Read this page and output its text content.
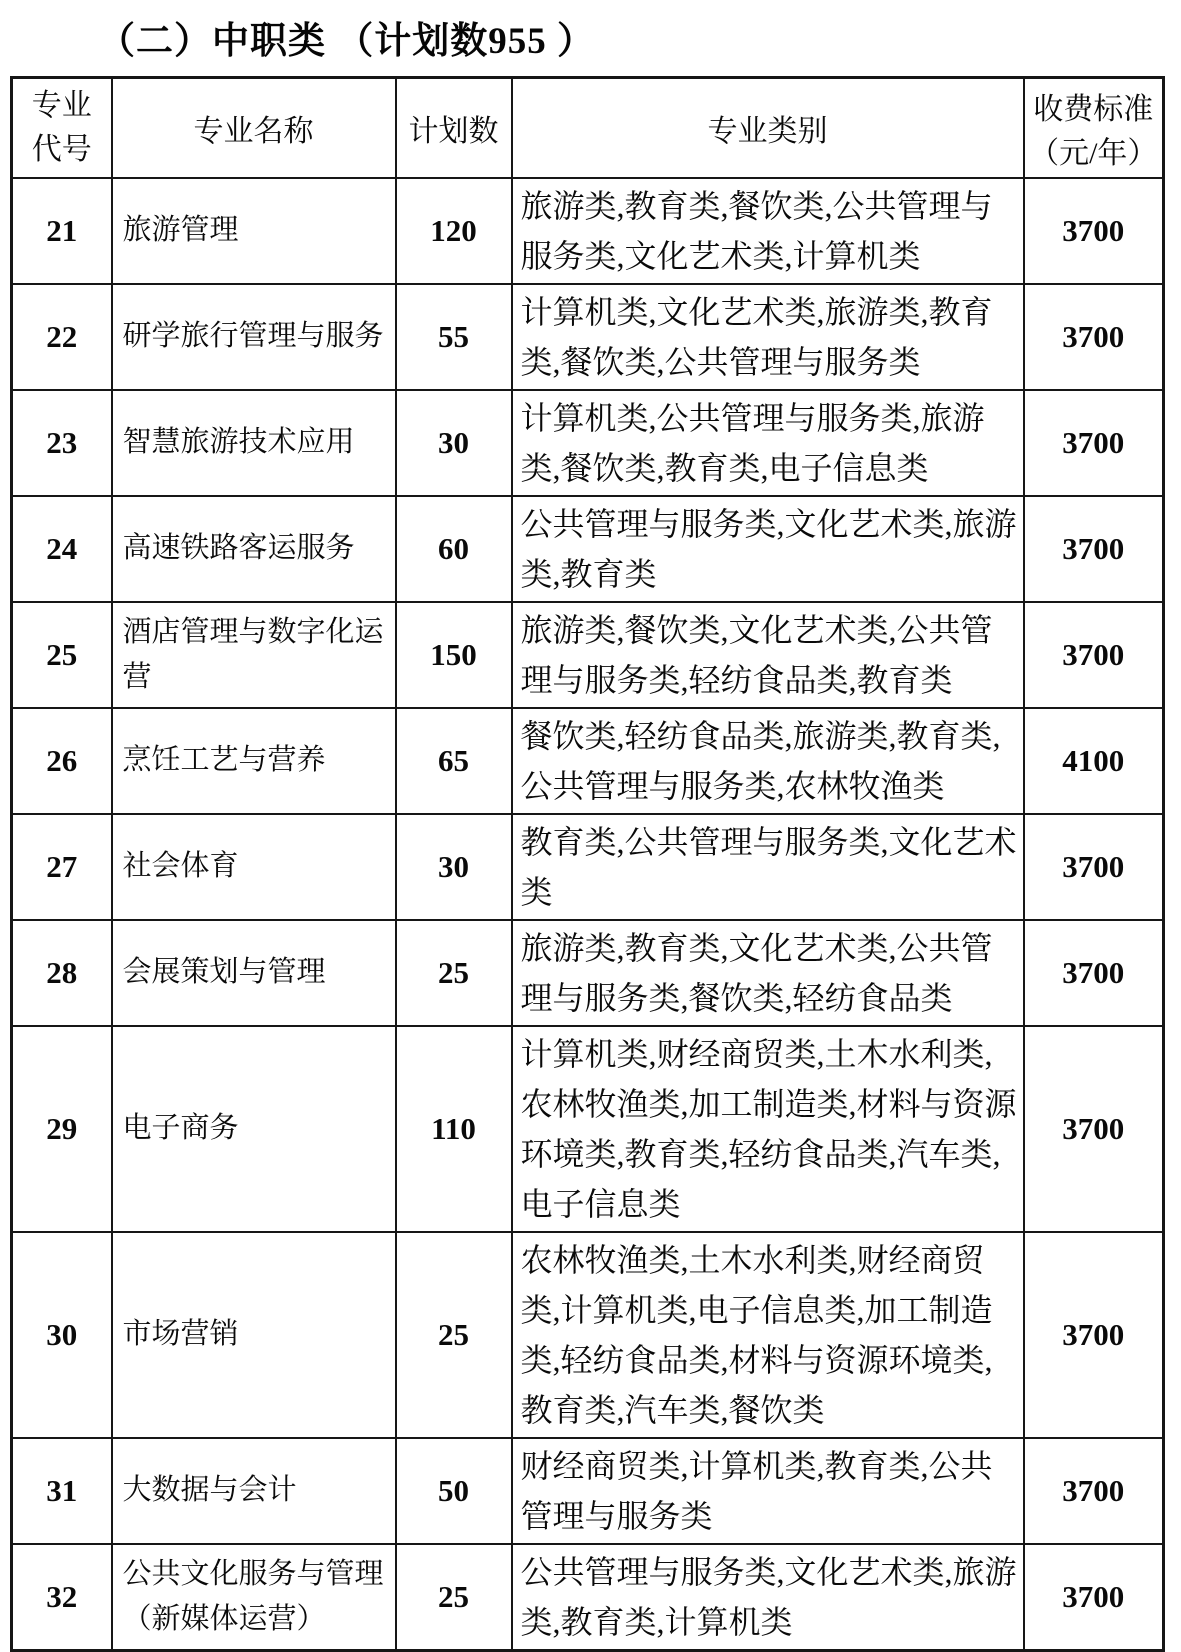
（二）中职类 （计划数955 ）
专业代号	专业名称	计划数	专业类别	收费标准
（元/年）

21	旅游管理	120	旅游类,教育类,餐饮类,公共管理与服务类,文化艺术类,计算机类	3700
22	研学旅行管理与服务	55	计算机类,文化艺术类,旅游类,教育类,餐饮类,公共管理与服务类	3700
23	智慧旅游技术应用	30	计算机类,公共管理与服务类,旅游类,餐饮类,教育类,电子信息类	3700
24	高速铁路客运服务	60	公共管理与服务类,文化艺术类,旅游类,教育类	3700
25	酒店管理与数字化运营	150	旅游类,餐饮类,文化艺术类,公共管理与服务类,轻纺食品类,教育类	3700
26	烹饪工艺与营养	65	餐饮类,轻纺食品类,旅游类,教育类,公共管理与服务类,农林牧渔类	4100
27	社会体育	30	教育类,公共管理与服务类,文化艺术类	3700
28	会展策划与管理	25	旅游类,教育类,文化艺术类,公共管理与服务类,餐饮类,轻纺食品类	3700
29	电子商务	110	计算机类,财经商贸类,土木水利类,农林牧渔类,加工制造类,材料与资源环境类,教育类,轻纺食品类,汽车类,电子信息类	3700
30	市场营销	25	农林牧渔类,土木水利类,财经商贸类,计算机类,电子信息类,加工制造类,轻纺食品类,材料与资源环境类,教育类,汽车类,餐饮类	3700
31	大数据与会计	50	财经商贸类,计算机类,教育类,公共管理与服务类	3700
32	公共文化服务与管理（新媒体运营）	25	公共管理与服务类,文化艺术类,旅游类,教育类,计算机类	3700
